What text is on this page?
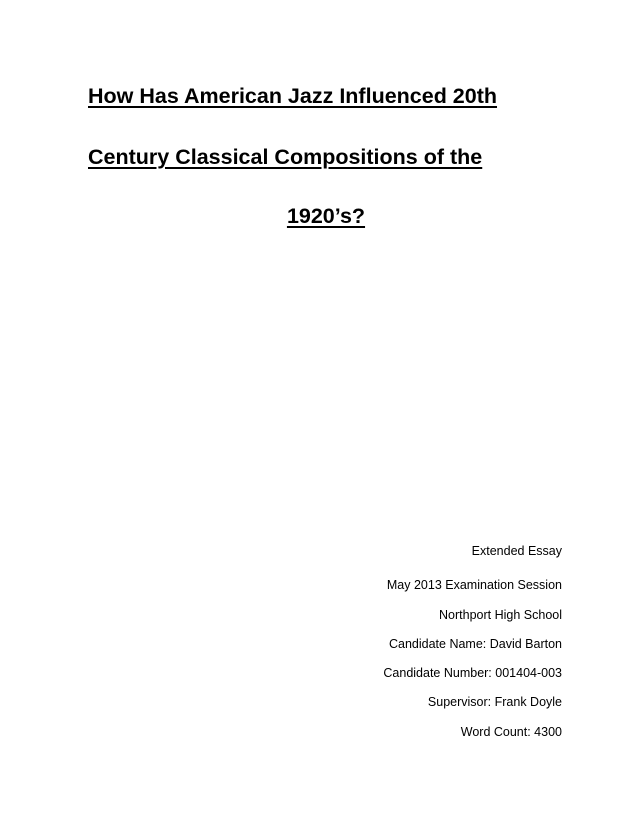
How Has American Jazz Influenced 20th
Century Classical Compositions of the
1920’s?
Extended Essay
May 2013 Examination Session
Northport High School
Candidate Name: David Barton
Candidate Number: 001404-003
Supervisor: Frank Doyle
Word Count: 4300
